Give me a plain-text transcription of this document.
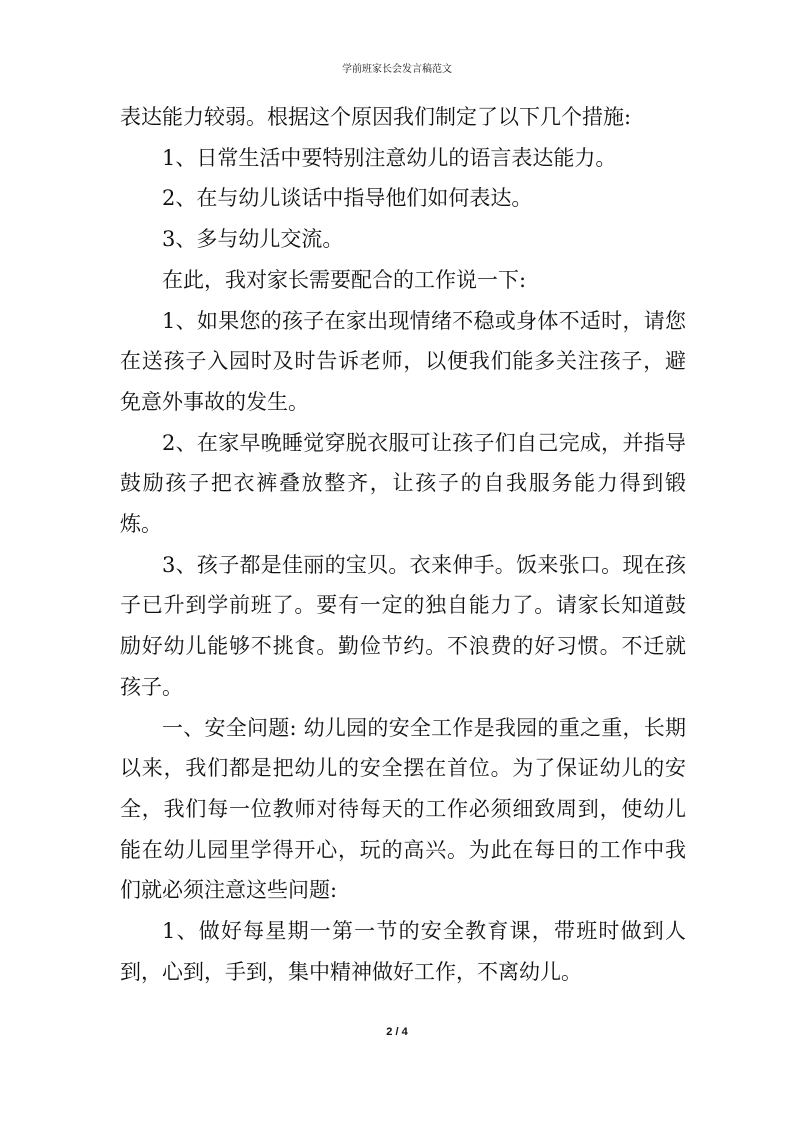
学前班家长会发言稿范文

表达能力较弱。根据这个原因我们制定了以下几个措施:

1、日常生活中要特别注意幼儿的语言表达能力。

2、在与幼儿谈话中指导他们如何表达。

3、多与幼儿交流。

在此，我对家长需要配合的工作说一下:

1、如果您的孩子在家出现情绪不稳或身体不适时，请您在送孩子入园时及时告诉老师，以便我们能多关注孩子，避免意外事故的发生。

2、在家早晚睡觉穿脱衣服可让孩子们自己完成，并指导鼓励孩子把衣裤叠放整齐，让孩子的自我服务能力得到锻炼。

3、孩子都是佳丽的宝贝。衣来伸手。饭来张口。现在孩子已升到学前班了。要有一定的独自能力了。请家长知道鼓励好幼儿能够不挑食。勤俭节约。不浪费的好习惯。不迁就孩子。

一、安全问题: 幼儿园的安全工作是我园的重之重，长期以来，我们都是把幼儿的安全摆在首位。为了保证幼儿的安全，我们每一位教师对待每天的工作必须细致周到，使幼儿能在幼儿园里学得开心，玩的高兴。为此在每日的工作中我们就必须注意这些问题:

1、做好每星期一第一节的安全教育课，带班时做到人到，心到，手到，集中精神做好工作，不离幼儿。

2 / 4
